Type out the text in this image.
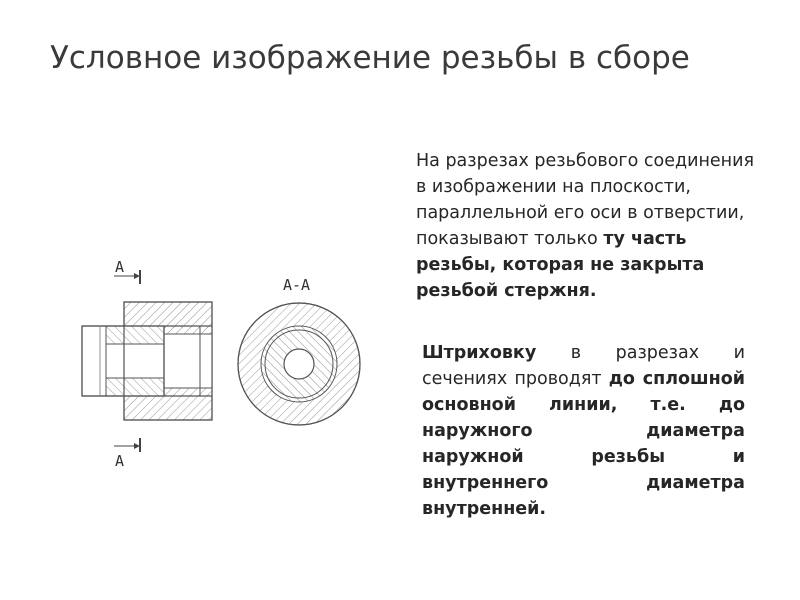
Условное изображение резьбы в сборе
А
А
А-А
На разрезах резьбового соединения в изображении на плоскости, параллельной его оси в отверстии, показывают только ту часть резьбы, которая не закрыта резьбой стержня.
Штриховку в разрезах и сечениях проводят до сплошной основной линии, т.е. до наружного диаметра наружной резьбы и внутреннего диаметра внутренней.
